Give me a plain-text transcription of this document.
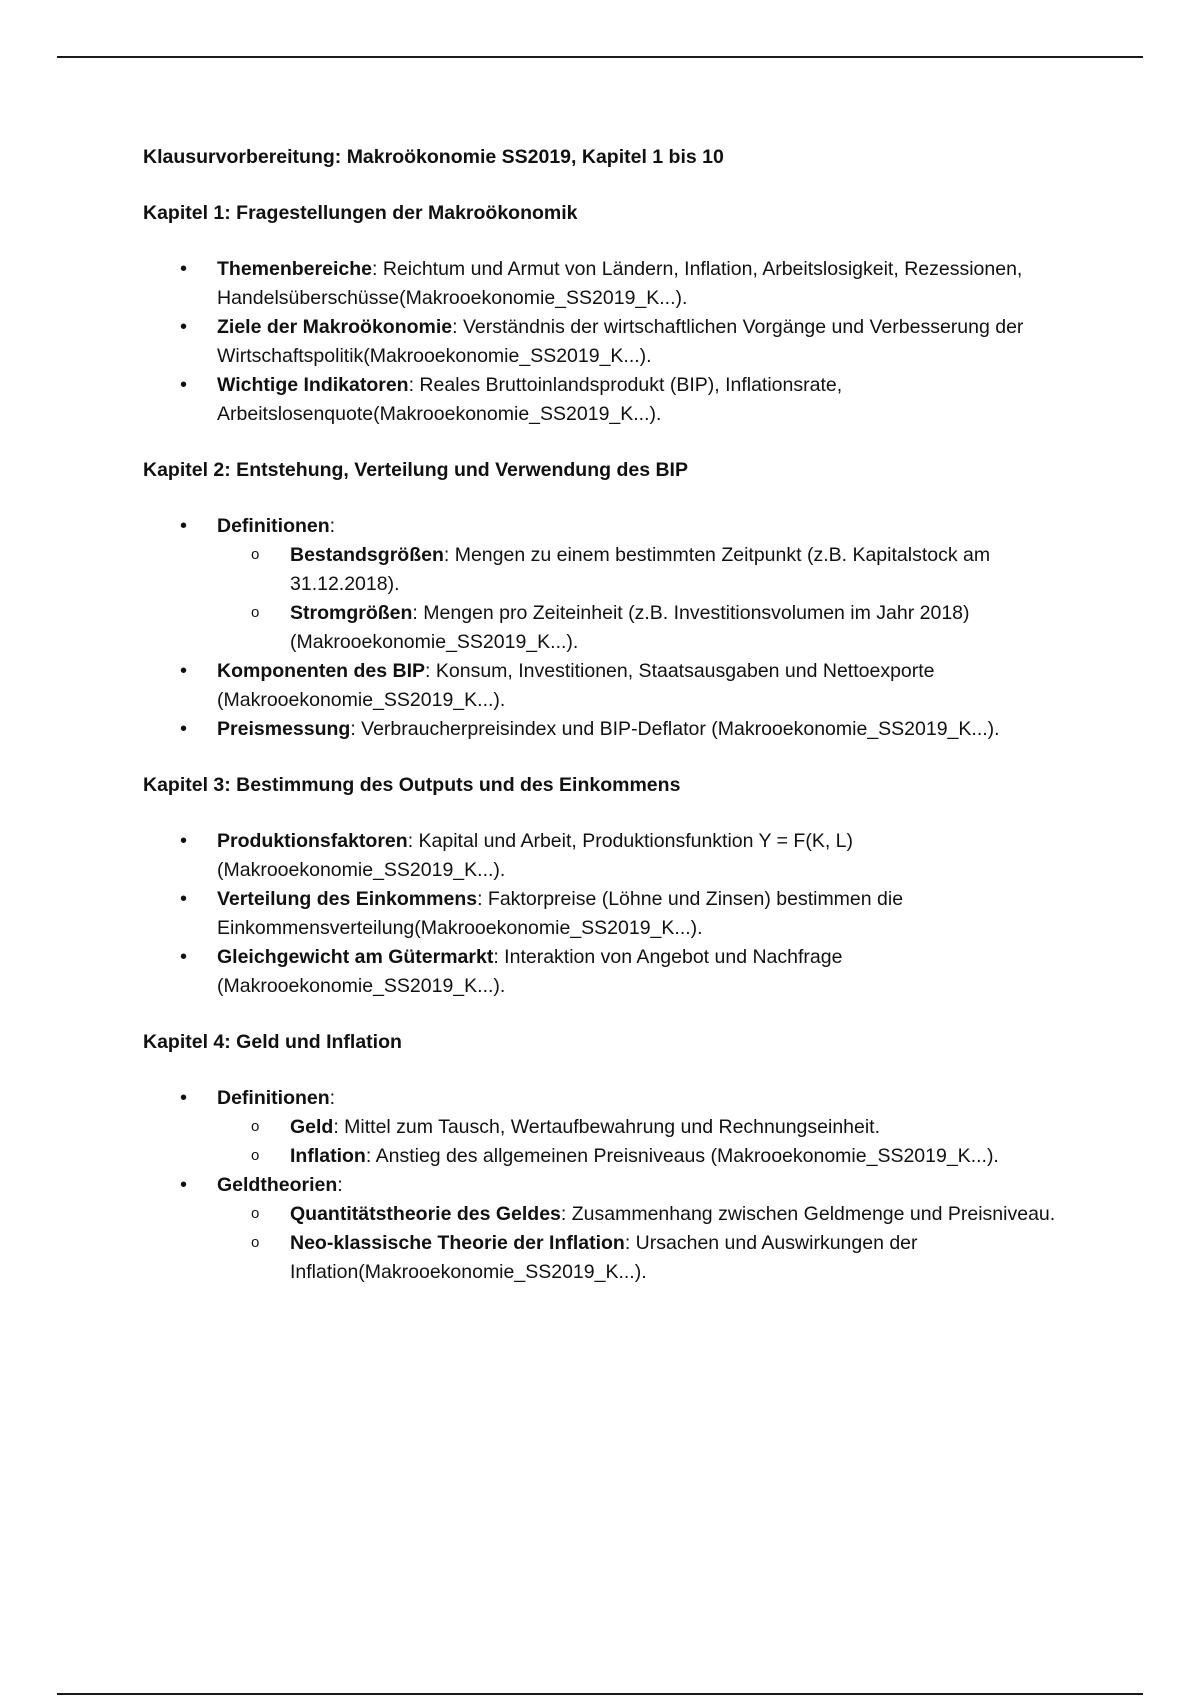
Klausurvorbereitung: Makroökonomie SS2019, Kapitel 1 bis 10

Kapitel 1: Fragestellungen der Makroökonomik

• Themenbereiche: Reichtum und Armut von Ländern, Inflation, Arbeitslosigkeit, Rezessionen, Handelsüberschüsse(Makrooekonomie_SS2019_K...).
• Ziele der Makroökonomie: Verständnis der wirtschaftlichen Vorgänge und Verbesserung der Wirtschaftspolitik(Makrooekonomie_SS2019_K...).
• Wichtige Indikatoren: Reales Bruttoinlandsprodukt (BIP), Inflationsrate, Arbeitslosenquote(Makrooekonomie_SS2019_K...).

Kapitel 2: Entstehung, Verteilung und Verwendung des BIP

• Definitionen:
o Bestandsgrößen: Mengen zu einem bestimmten Zeitpunkt (z.B. Kapitalstock am 31.12.2018).
o Stromgrößen: Mengen pro Zeiteinheit (z.B. Investitionsvolumen im Jahr 2018) (Makrooekonomie_SS2019_K...).
• Komponenten des BIP: Konsum, Investitionen, Staatsausgaben und Nettoexporte (Makrooekonomie_SS2019_K...).
• Preismessung: Verbraucherpreisindex und BIP-Deflator (Makrooekonomie_SS2019_K...).

Kapitel 3: Bestimmung des Outputs und des Einkommens

• Produktionsfaktoren: Kapital und Arbeit, Produktionsfunktion Y = F(K, L) (Makrooekonomie_SS2019_K...).
• Verteilung des Einkommens: Faktorpreise (Löhne und Zinsen) bestimmen die Einkommensverteilung(Makrooekonomie_SS2019_K...).
• Gleichgewicht am Gütermarkt: Interaktion von Angebot und Nachfrage (Makrooekonomie_SS2019_K...).

Kapitel 4: Geld und Inflation

• Definitionen:
o Geld: Mittel zum Tausch, Wertaufbewahrung und Rechnungseinheit.
o Inflation: Anstieg des allgemeinen Preisniveaus (Makrooekonomie_SS2019_K...).
• Geldtheorien:
o Quantitätstheorie des Geldes: Zusammenhang zwischen Geldmenge und Preisniveau.
o Neo-klassische Theorie der Inflation: Ursachen und Auswirkungen der Inflation(Makrooekonomie_SS2019_K...).
